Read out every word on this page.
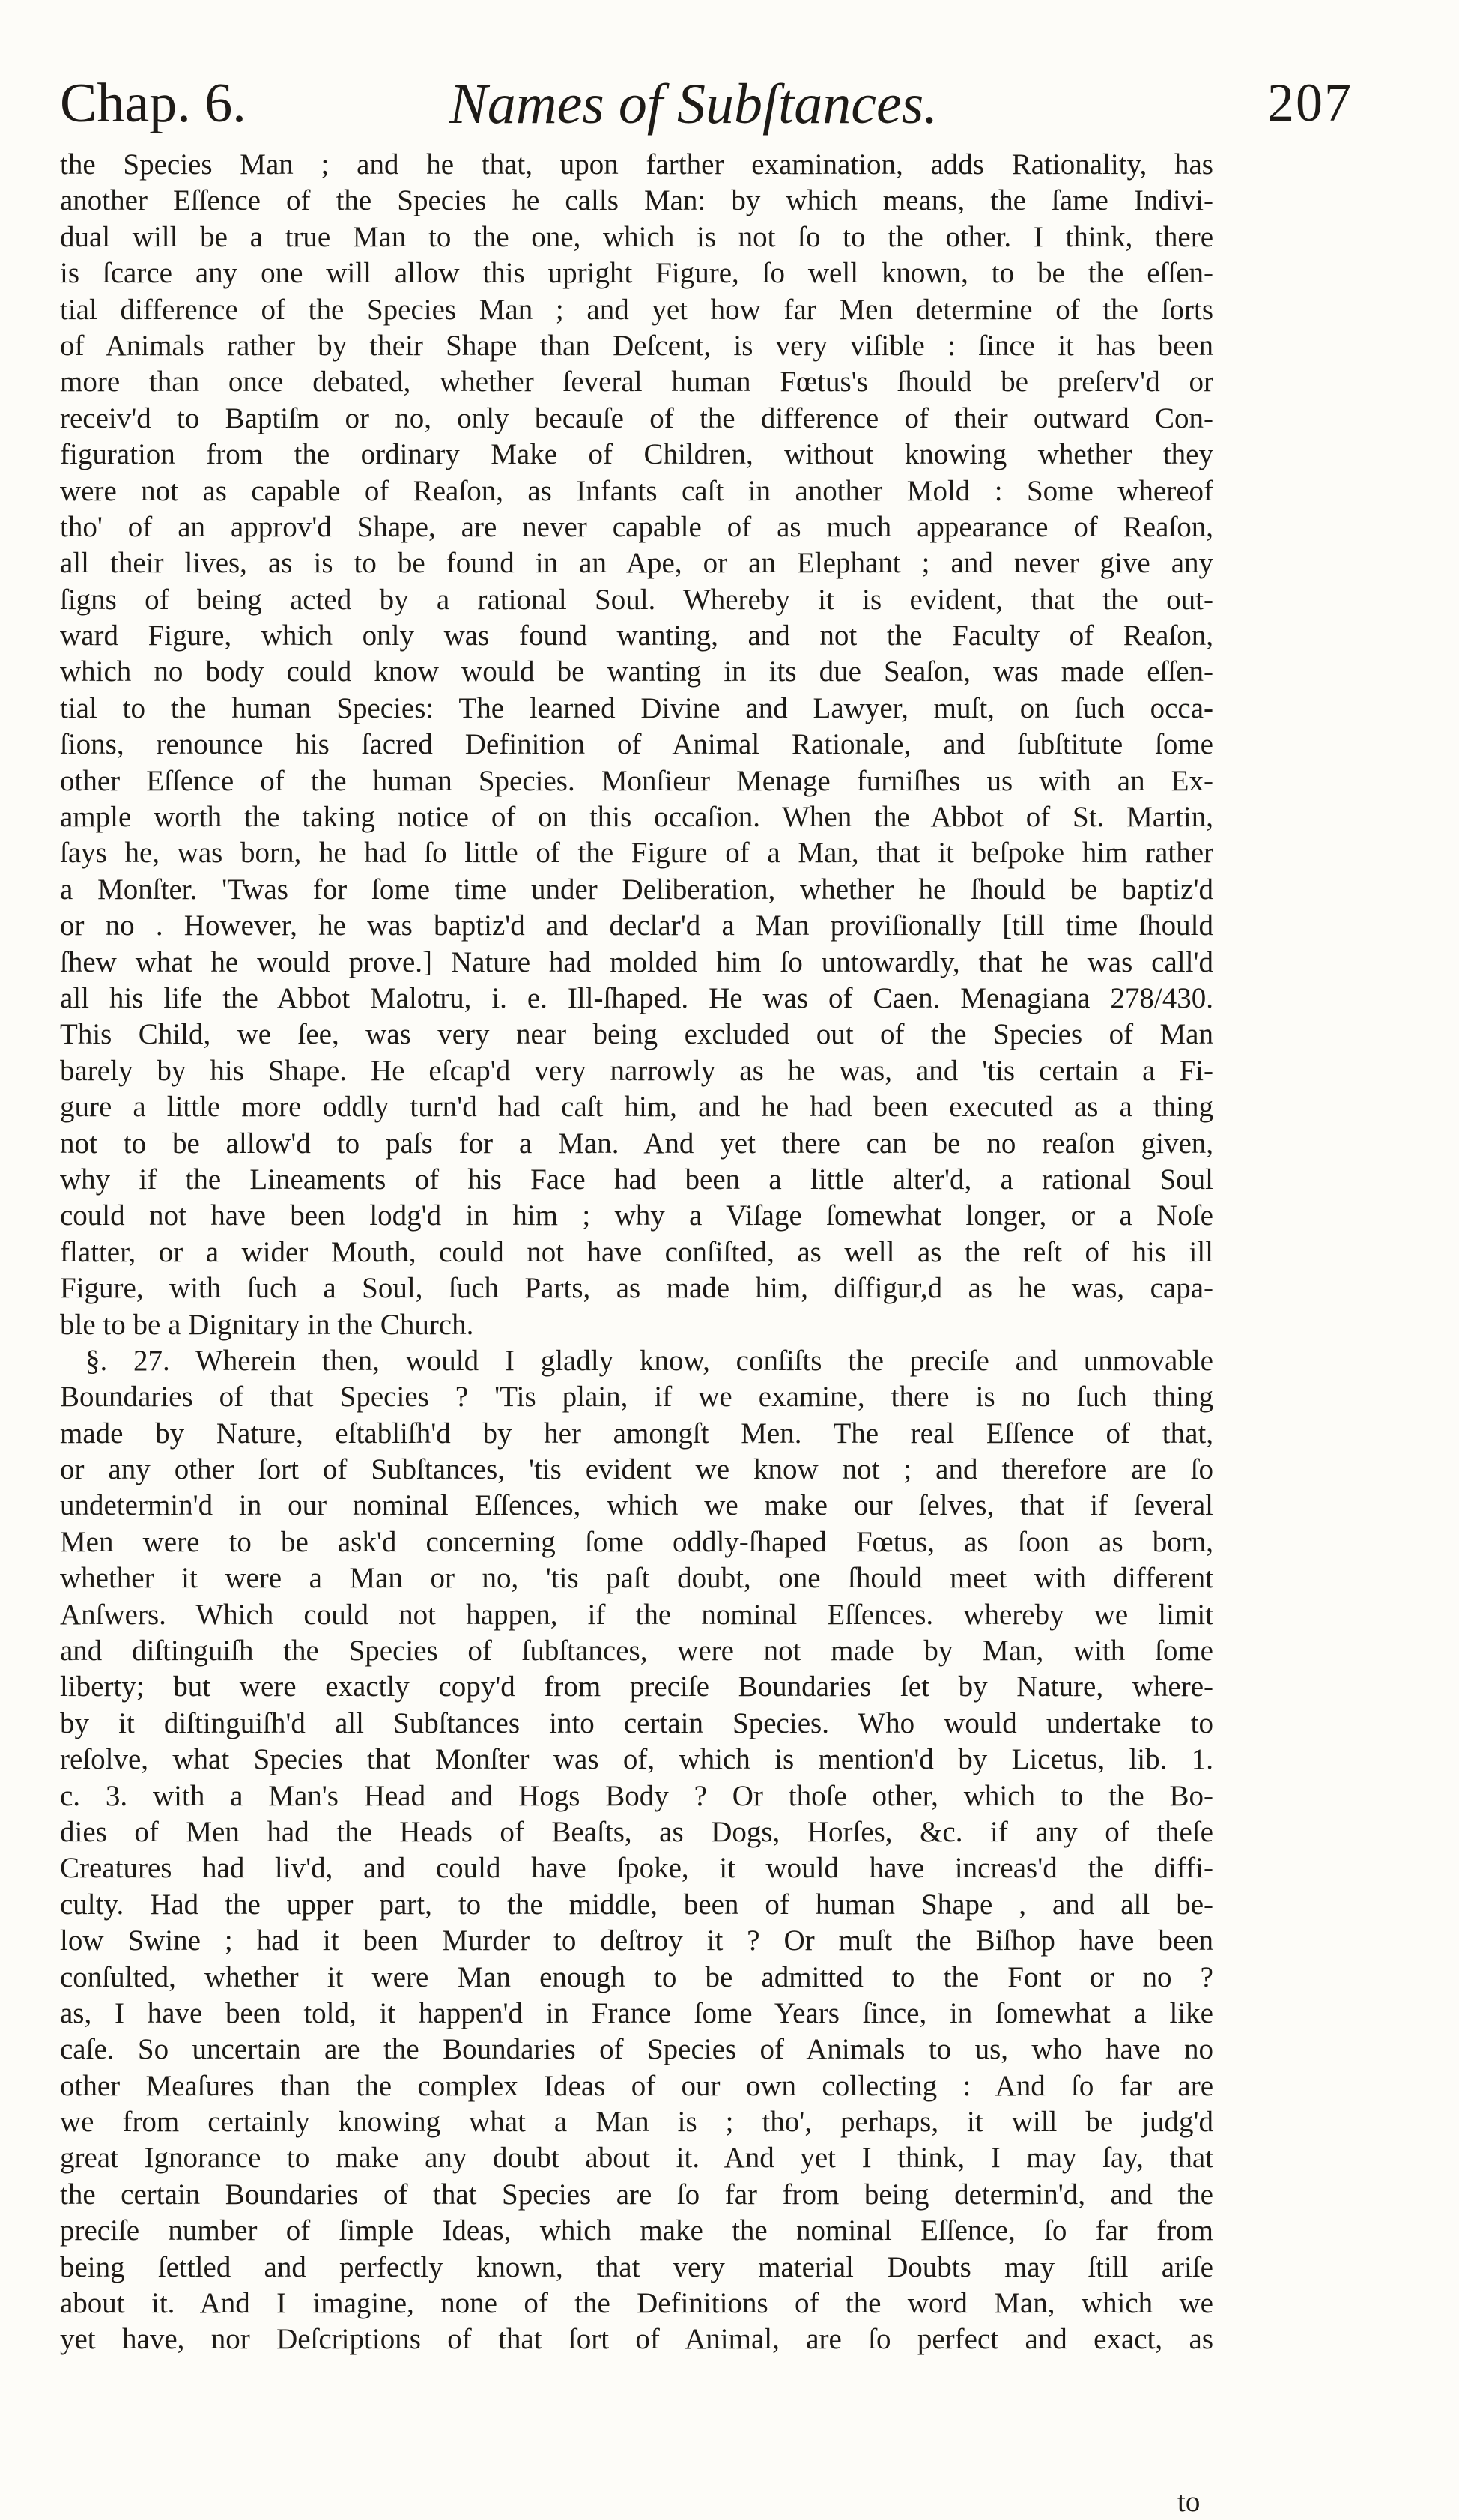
Chap. 6.	Names of Subſtances.	207
the Species Man ; and he that, upon farther examination, adds Rationality, has
another Eſſence of the Species he calls Man: by which means, the ſame Indivi-
dual will be a true Man to the one, which is not ſo to the other. I think, there
is ſcarce any one will allow this upright Figure, ſo well known, to be the eſſen-
tial difference of the Species Man ; and yet how far Men determine of the ſorts
of Animals rather by their Shape than Deſcent, is very viſible : ſince it has been
more than once debated, whether ſeveral human Fœtus's ſhould be preſerv'd or
receiv'd to Baptiſm or no, only becauſe of the difference of their outward Con-
figuration from the ordinary Make of Children, without knowing whether they
were not as capable of Reaſon, as Infants caſt in another Mold : Some whereof
tho' of an approv'd Shape, are never capable of as much appearance of Reaſon,
all their lives, as is to be found in an Ape, or an Elephant ; and never give any
ſigns of being acted by a rational Soul. Whereby it is evident, that the out-
ward Figure, which only was found wanting, and not the Faculty of Reaſon,
which no body could know would be wanting in its due Seaſon, was made eſſen-
tial to the human Species: The learned Divine and Lawyer, muſt, on ſuch occa-
ſions, renounce his ſacred Definition of Animal Rationale, and ſubſtitute ſome
other Eſſence of the human Species. Monſieur Menage furniſhes us with an Ex-
ample worth the taking notice of on this occaſion. When the Abbot of St. Martin,
ſays he, was born, he had ſo little of the Figure of a Man, that it beſpoke him rather
a Monſter. 'Twas for ſome time under Deliberation, whether he ſhould be baptiz'd
or no . However, he was baptiz'd and declar'd a Man proviſionally [till time ſhould
ſhew what he would prove.] Nature had molded him ſo untowardly, that he was call'd
all his life the Abbot Malotru, i. e. Ill-ſhaped. He was of Caen. Menagiana 278/430.
This Child, we ſee, was very near being excluded out of the Species of Man
barely by his Shape. He eſcap'd very narrowly as he was, and 'tis certain a Fi-
gure a little more oddly turn'd had caſt him, and he had been executed as a thing
not to be allow'd to paſs for a Man. And yet there can be no reaſon given,
why if the Lineaments of his Face had been a little alter'd, a rational Soul
could not have been lodg'd in him ; why a Viſage ſomewhat longer, or a Noſe
flatter, or a wider Mouth, could not have conſiſted, as well as the reſt of his ill
Figure, with ſuch a Soul, ſuch Parts, as made him, diſfigur,d as he was, capa-
ble to be a Dignitary in the Church.
§. 27. Wherein then, would I gladly know, conſiſts the preciſe and unmovable
Boundaries of that Species ? 'Tis plain, if we examine, there is no ſuch thing
made by Nature, eſtabliſh'd by her amongſt Men. The real Eſſence of that,
or any other ſort of Subſtances, 'tis evident we know not ; and therefore are ſo
undetermin'd in our nominal Eſſences, which we make our ſelves, that if ſeveral
Men were to be ask'd concerning ſome oddly-ſhaped Fœtus, as ſoon as born,
whether it were a Man or no, 'tis paſt doubt, one ſhould meet with different
Anſwers. Which could not happen, if the nominal Eſſences. whereby we limit
and diſtinguiſh the Species of ſubſtances, were not made by Man, with ſome
liberty; but were exactly copy'd from preciſe Boundaries ſet by Nature, where-
by it diſtinguiſh'd all Subſtances into certain Species. Who would undertake to
reſolve, what Species that Monſter was of, which is mention'd by Licetus, lib. 1.
c. 3. with a Man's Head and Hogs Body ? Or thoſe other, which to the Bo-
dies of Men had the Heads of Beaſts, as Dogs, Horſes, &c. if any of theſe
Creatures had liv'd, and could have ſpoke, it would have increas'd the diffi-
culty. Had the upper part, to the middle, been of human Shape , and all be-
low Swine ; had it been Murder to deſtroy it ? Or muſt the Biſhop have been
conſulted, whether it were Man enough to be admitted to the Font or no ?
as, I have been told, it happen'd in France ſome Years ſince, in ſomewhat a like
caſe. So uncertain are the Boundaries of Species of Animals to us, who have no
other Meaſures than the complex Ideas of our own collecting : And ſo far are
we from certainly knowing what a Man is ; tho', perhaps, it will be judg'd
great Ignorance to make any doubt about it. And yet I think, I may ſay, that
the certain Boundaries of that Species are ſo far from being determin'd, and the
preciſe number of ſimple Ideas, which make the nominal Eſſence, ſo far from
being ſettled and perfectly known, that very material Doubts may ſtill ariſe
about it. And I imagine, none of the Definitions of the word Man, which we
yet have, nor Deſcriptions of that ſort of Animal, are ſo perfect and exact, as
to
